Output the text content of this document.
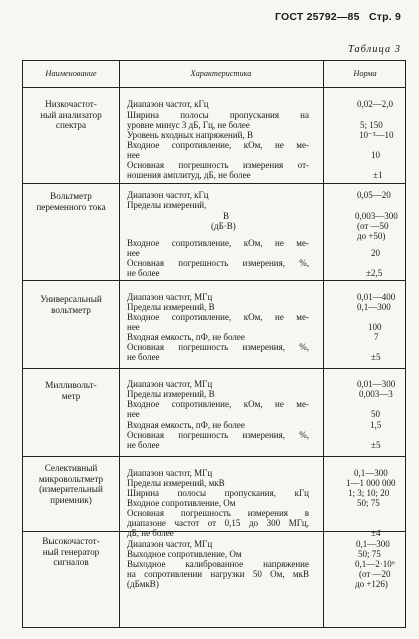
ГОСТ 25792—85 Стр. 9
Таблица 3
Наименование	Характеристика	Норма
Низкочастот-
ный анализатор
спектра
Диапазон частот, кГц
Ширина полосы пропускания на
уровне минус 3 дБ, Гц, не более
Уровень входных напряжений, В
Входное сопротивление, кОм, не ме-
нее
Основная погрешность измерения от-
ношения амплитуд, дБ, не более
0,02—2,0
5; 150
10⁻³—10
10
±1
Вольтметр
переменного тока
Диапазон частот, кГц
Пределы измерений,
В
(дБ·В)
Входное сопротивление, кОм, не ме-
нее
Основная погрешность измерения, %,
не более
0,05—20
0,003—300
(от —50
до +50)
20
±2,5
Универсальный
вольтметр
Диапазон частот, МГц
Пределы измерений, В
Входное сопротивление, кОм, не ме-
нее
Входная емкость, пФ, не более
Основная погрешность измерения, %,
не более
0,01—400
0,1—300
100
7
±5
Милливольт-
метр
Диапазон частот, МГц
Пределы измерений, В
Входное сопротивление, кОм, не ме-
нее
Входная емкость, пФ, не более
Основная погрешность измерения, %,
не более
0,01—300
0,003—3
50
1,5
±5
Селективный
микровольтметр
(измерительный
приемник)
Диапазон частот, МГц
Пределы измерений, мкВ
Ширина полосы пропускания, кГц
Входное сопротивление, Ом
Основная погрешность измерения в
диапазоне частот от 0,15 до 300 МГц,
дБ, не более
0,1—300
1—1 000 000
1; 3; 10; 20
50; 75
±4
Высокочастот-
ный генератор
сигналов
Диапазон частот, МГц
Выходное сопротивление, Ом
Выходное калиброванное напряжение
на сопротивлении нагрузки 50 Ом, мкВ
(дБмкВ)
0,1—300
50; 75
0,1—2·10⁶
(от —20
до +126)
